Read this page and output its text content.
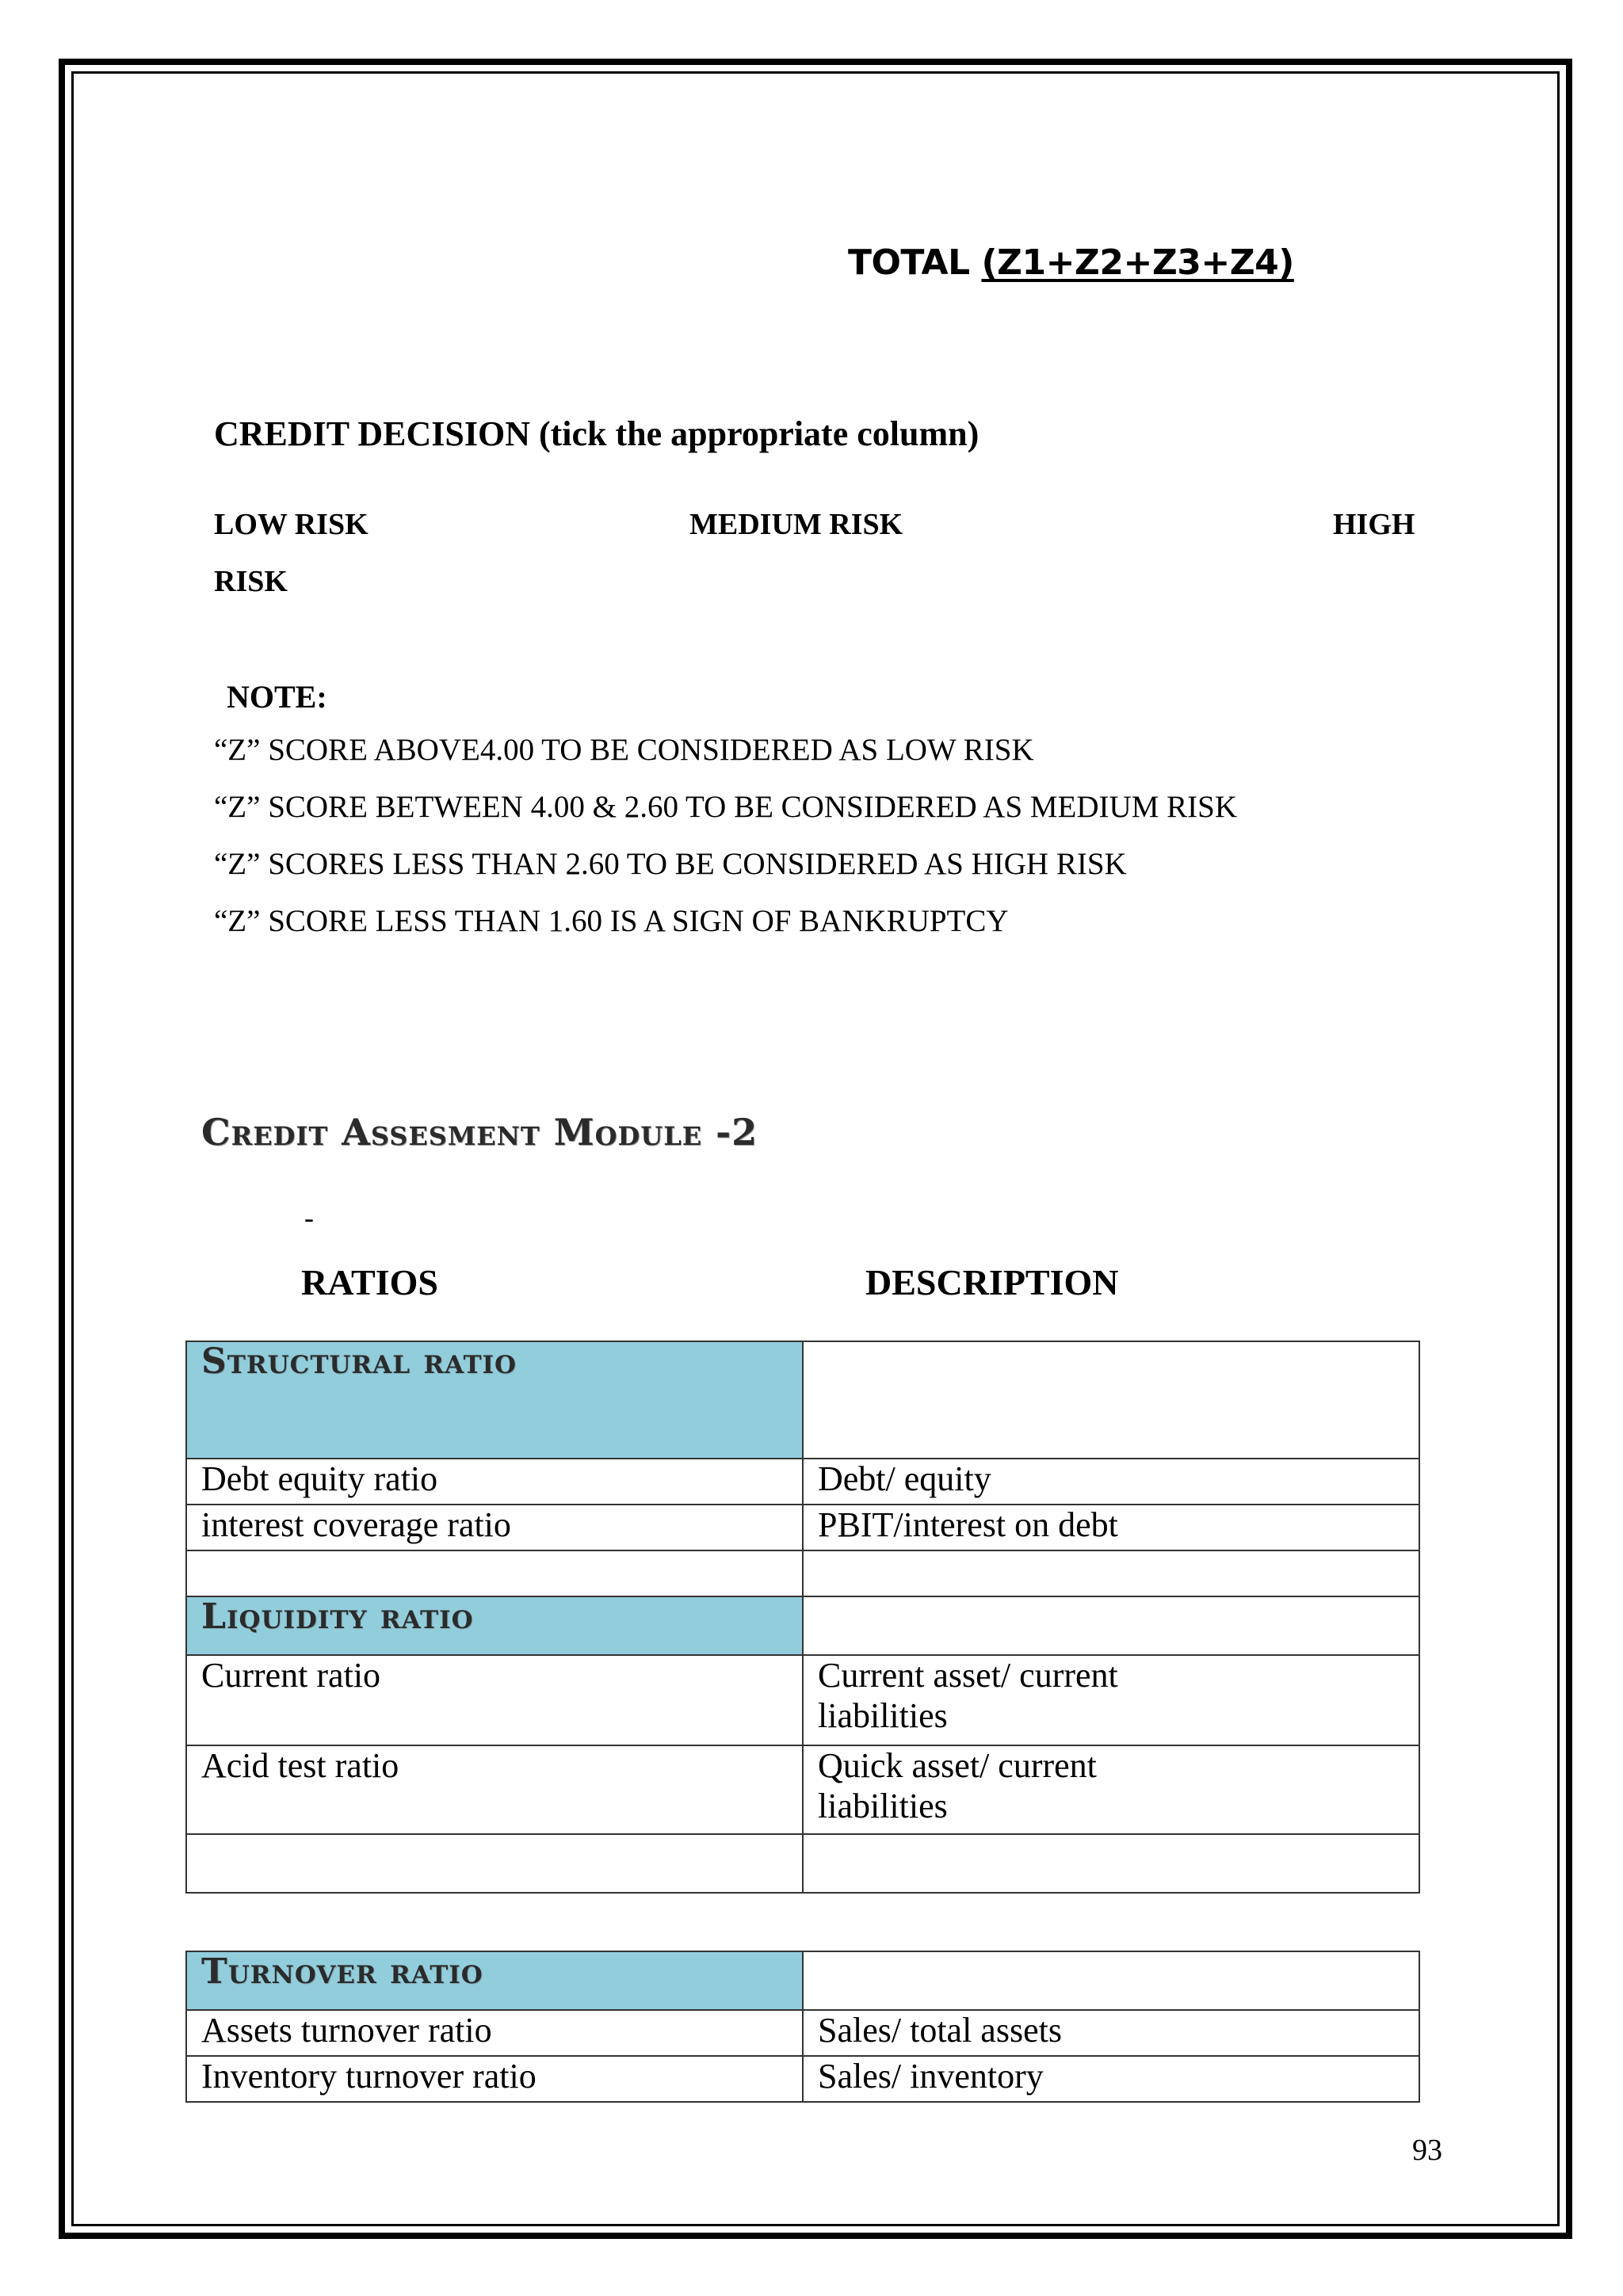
TOTAL (Z1+Z2+Z3+Z4)
CREDIT DECISION (tick the appropriate column)
LOW RISK	MEDIUM RISK	HIGH
RISK
NOTE:
“Z” SCORE ABOVE4.00 TO BE CONSIDERED AS LOW RISK
“Z” SCORE BETWEEN 4.00 & 2.60 TO BE CONSIDERED AS MEDIUM RISK
“Z” SCORES LESS THAN 2.60 TO BE CONSIDERED AS HIGH RISK
“Z” SCORE LESS THAN 1.60 IS A SIGN OF BANKRUPTCY
Credit Assesment Module -2
-
RATIOS	DESCRIPTION
Structural ratio	
Debt equity ratio	Debt/ equity
interest coverage ratio	PBIT/interest on debt

Liquidity ratio	
Current ratio	Current asset/ current
liabilities
Acid test ratio	Quick asset/ current
liabilities

Turnover ratio	
Assets turnover ratio	Sales/ total assets
Inventory turnover ratio	Sales/ inventory
93
